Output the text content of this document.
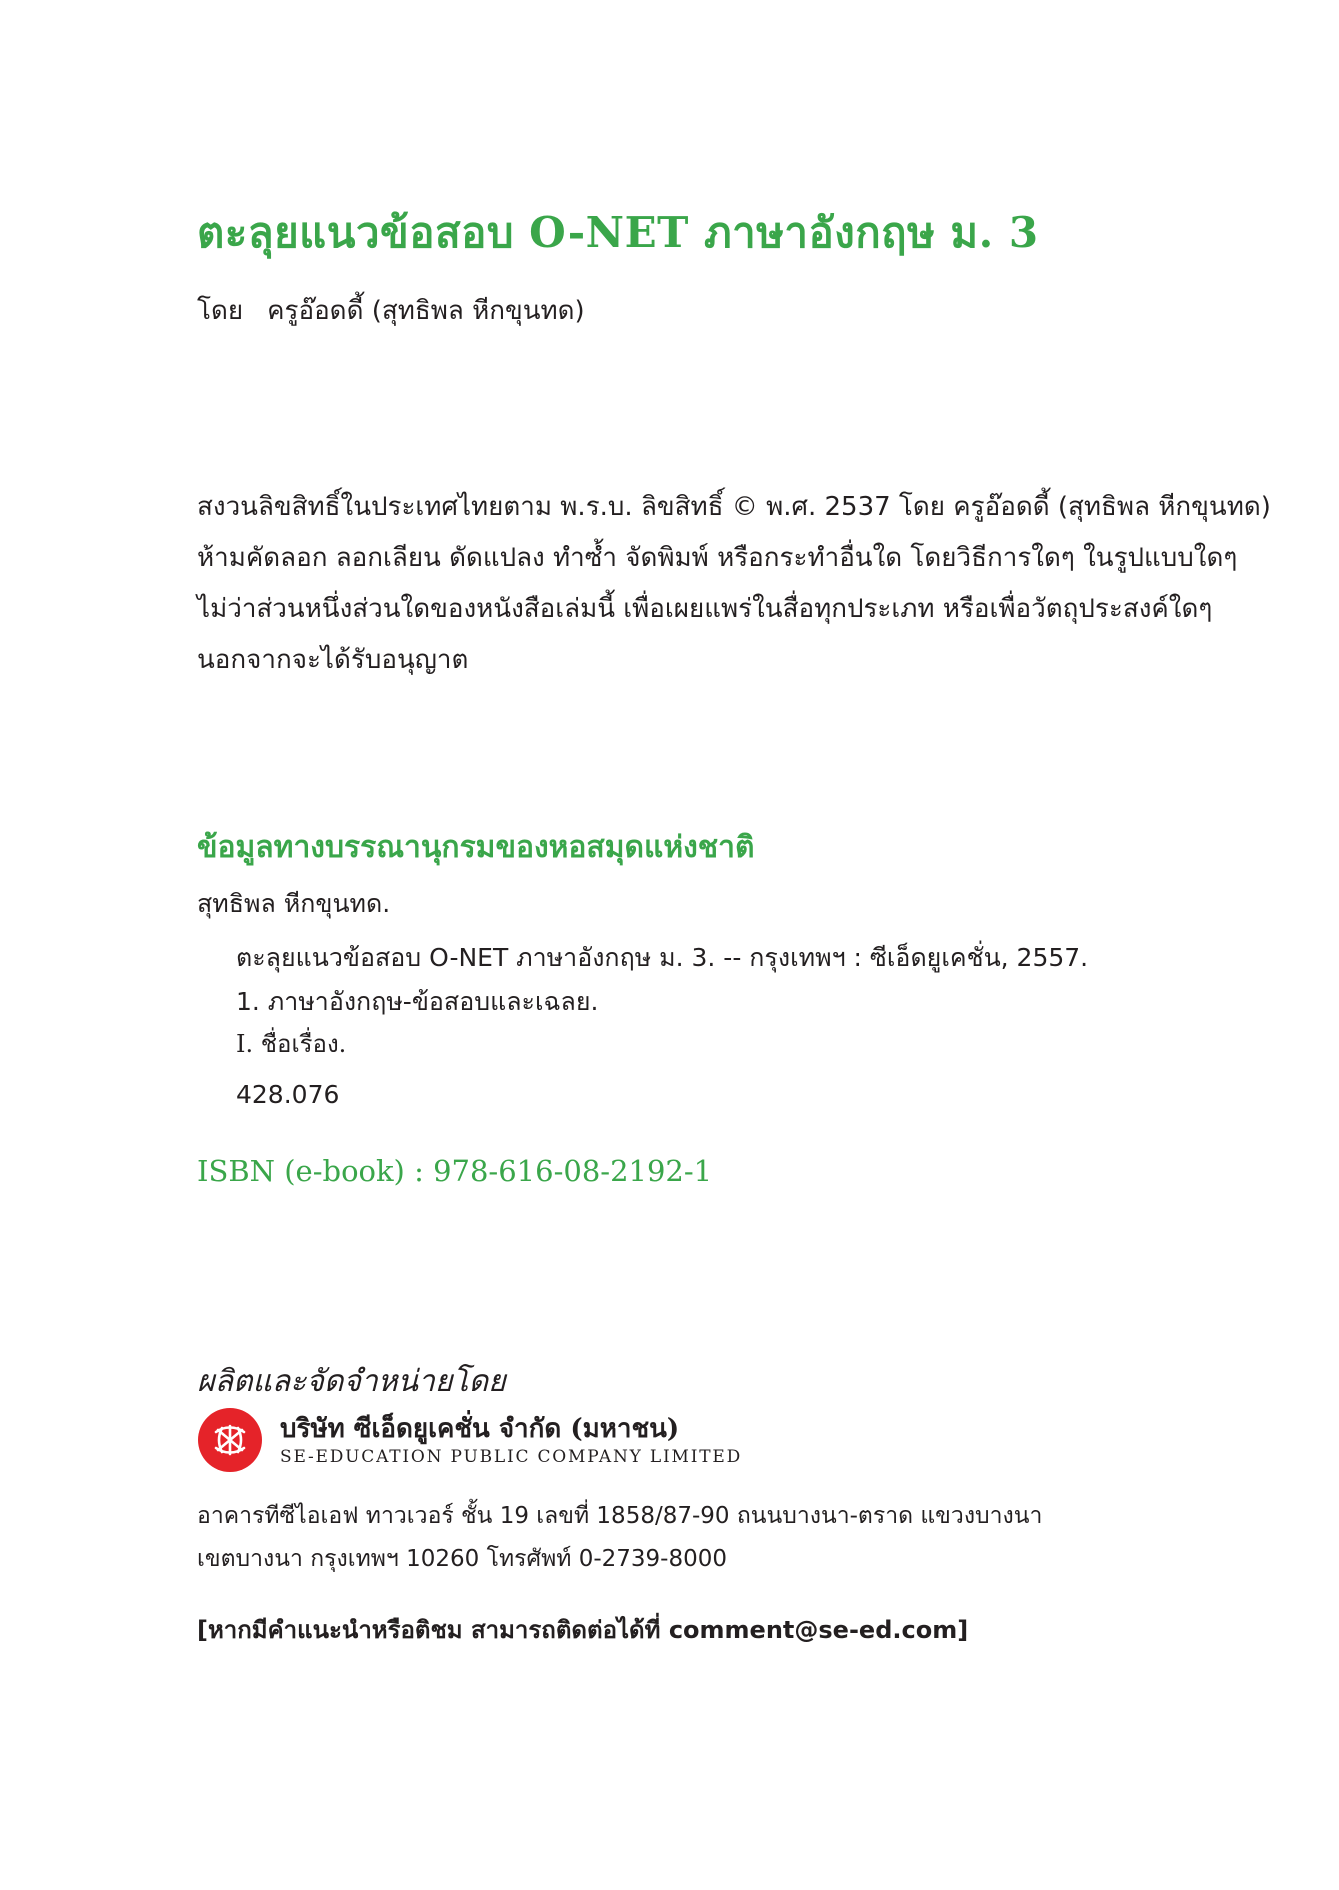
ตะลุยแนวข้อสอบ O-NET ภาษาอังกฤษ ม. 3
โดย ครูอ๊อดดี้ (สุทธิพล หีกขุนทด)
สงวนลิขสิทธิ์ในประเทศไทยตาม พ.ร.บ. ลิขสิทธิ์ © พ.ศ. 2537 โดย ครูอ๊อดดี้ (สุทธิพล หีกขุนทด)
ห้ามคัดลอก ลอกเลียน ดัดแปลง ทำซ้ำ จัดพิมพ์ หรือกระทำอื่นใด โดยวิธีการใดๆ ในรูปแบบใดๆ
ไม่ว่าส่วนหนึ่งส่วนใดของหนังสือเล่มนี้ เพื่อเผยแพร่ในสื่อทุกประเภท หรือเพื่อวัตถุประสงค์ใดๆ
นอกจากจะได้รับอนุญาต
ข้อมูลทางบรรณานุกรมของหอสมุดแห่งชาติ
สุทธิพล หีกขุนทด.
ตะลุยแนวข้อสอบ O-NET ภาษาอังกฤษ ม. 3. -- กรุงเทพฯ : ซีเอ็ดยูเคชั่น, 2557.
1. ภาษาอังกฤษ-ข้อสอบและเฉลย.
I. ชื่อเรื่อง.
428.076
ISBN (e-book) : 978-616-08-2192-1
ผลิตและจัดจำหน่ายโดย
บริษัท ซีเอ็ดยูเคชั่น จำกัด (มหาชน)
SE-EDUCATION PUBLIC COMPANY LIMITED
อาคารทีซีไอเอฟ ทาวเวอร์ ชั้น 19 เลขที่ 1858/87-90 ถนนบางนา-ตราด แขวงบางนา
เขตบางนา กรุงเทพฯ 10260 โทรศัพท์ 0-2739-8000
[หากมีคำแนะนำหรือติชม สามารถติดต่อได้ที่ comment@se-ed.com]
